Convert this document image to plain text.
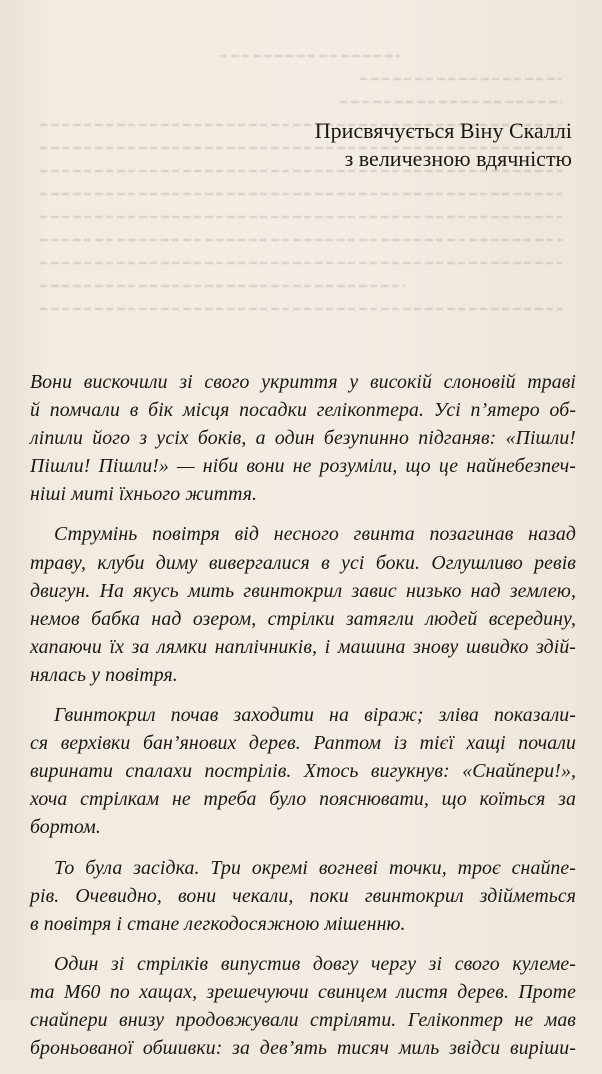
Присвячується Віну Скаллі
з величезною вдячністю

Вони вискочили зі свого укриття у високій слоновій траві
й помчали в бік місця посадки гелікоптера. Усі п’ятеро об-
ліпили його з усіх боків, а один безупинно підганяв: «Пішли!
Пішли! Пішли!» — ніби вони не розуміли, що це найнебезпеч-
ніші миті їхнього життя.

Струмінь повітря від несного гвинта позагинав назад
траву, клуби диму вивергалися в усі боки. Оглушливо ревів
двигун. На якусь мить гвинтокрил завис низько над землею,
немов бабка над озером, стрілки затягли людей всередину,
хапаючи їх за лямки наплічників, і машина знову швидко здій-
нялась у повітря.

Гвинтокрил почав заходити на віраж; зліва показали-
ся верхівки бан’янових дерев. Раптом із тієї хащі почали
виринати спалахи пострілів. Хтось вигукнув: «Снайпери!»,
хоча стрілкам не треба було пояснювати, що коїться за
бортом.

То була засідка. Три окремі вогневі точки, троє снайпе-
рів. Очевидно, вони чекали, поки гвинтокрил здійметься
в повітря і стане легкодосяжною мішенню.

Один зі стрілків випустив довгу чергу зі свого кулеме-
та М60 по хащах, зрешечуючи свинцем листя дерев. Проте
снайпери внизу продовжували стріляти. Гелікоптер не мав
броньованої обшивки: за дев’ять тисяч миль звідси виріши-
